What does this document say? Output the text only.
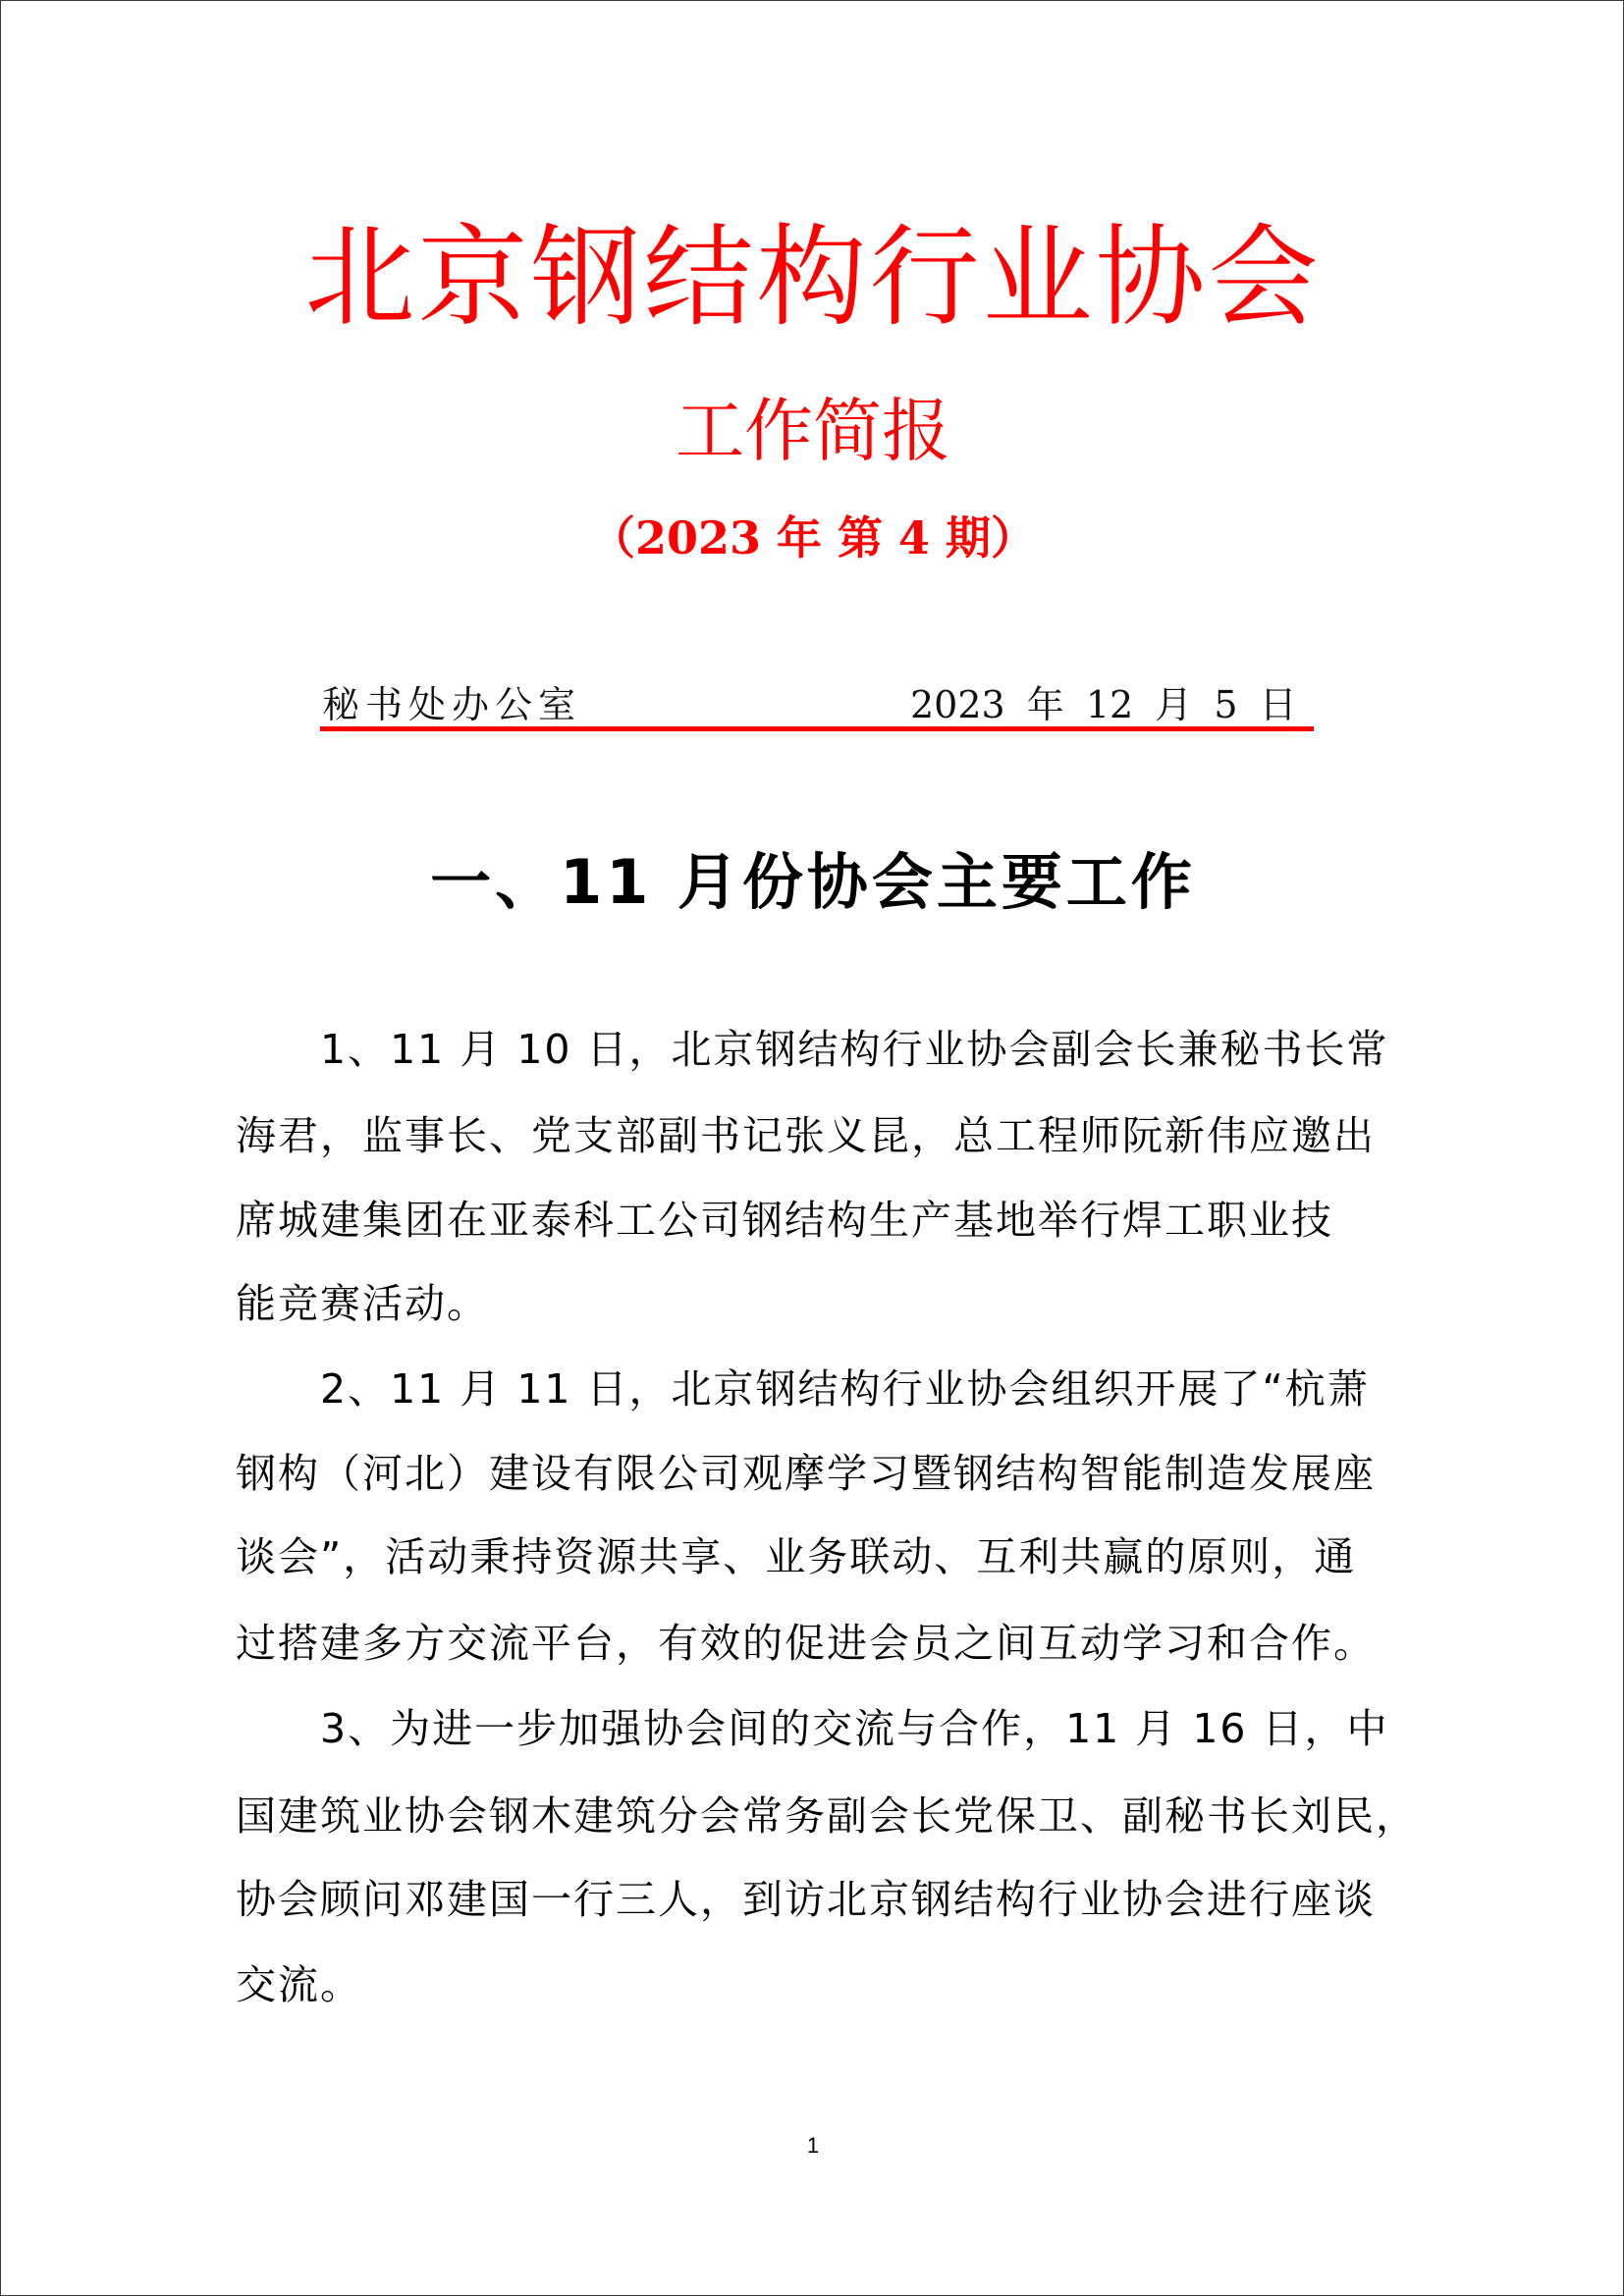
北京钢结构行业协会
工作简报
（2023 年 第 4 期）
秘书处办公室	2023 年 12 月 5 日
一、11 月份协会主要工作
1、11 月 10 日，北京钢结构行业协会副会长兼秘书长常
海君，监事长、党支部副书记张义昆，总工程师阮新伟应邀出
席城建集团在亚泰科工公司钢结构生产基地举行焊工职业技
能竞赛活动。
2、11 月 11 日，北京钢结构行业协会组织开展了“杭萧
钢构（河北）建设有限公司观摩学习暨钢结构智能制造发展座
谈会”，活动秉持资源共享、业务联动、互利共赢的原则，通
过搭建多方交流平台，有效的促进会员之间互动学习和合作。
3、为进一步加强协会间的交流与合作，11 月 16 日，中
国建筑业协会钢木建筑分会常务副会长党保卫、副秘书长刘民，
协会顾问邓建国一行三人，到访北京钢结构行业协会进行座谈
交流。
1
